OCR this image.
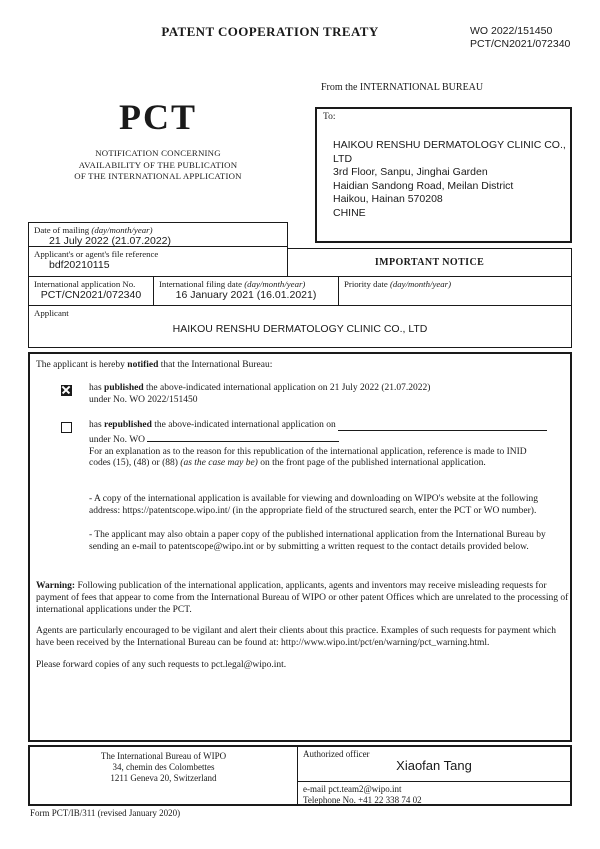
PATENT COOPERATION TREATY	WO 2022/151450
PCT/CN2021/072340
From the INTERNATIONAL BUREAU
PCT
NOTIFICATION CONCERNING
AVAILABILITY OF THE PUBLICATION
OF THE INTERNATIONAL APPLICATION
To:
HAIKOU RENSHU DERMATOLOGY CLINIC CO.,
LTD
3rd Floor, Sanpu, Jinghai Garden
Haidian Sandong Road, Meilan District
Haikou, Hainan 570208
CHINE
Date of mailing (day/month/year)
21 July 2022 (21.07.2022)
Applicant's or agent's file reference
bdf20210115	IMPORTANT NOTICE
International application No.
PCT/CN2021/072340
International filing date (day/month/year)
16 January 2021 (16.01.2021)
Priority date (day/month/year)
Applicant
HAIKOU RENSHU DERMATOLOGY CLINIC CO., LTD
The applicant is hereby notified that the International Bureau:
has published the above-indicated international application on 21 July 2022 (21.07.2022)
under No. WO 2022/151450
has republished the above-indicated international application on
under No. WO
For an explanation as to the reason for this republication of the international application, reference is made to INID codes (15), (48) or (88) (as the case may be) on the front page of the published international application.
- A copy of the international application is available for viewing and downloading on WIPO's website at the following address: https://patentscope.wipo.int/ (in the appropriate field of the structured search, enter the PCT or WO number).
- The applicant may also obtain a paper copy of the published international application from the International Bureau by sending an e-mail to patentscope@wipo.int or by submitting a written request to the contact details provided below.
Warning: Following publication of the international application, applicants, agents and inventors may receive misleading requests for payment of fees that appear to come from the International Bureau of WIPO or other patent Offices which are unrelated to the processing of international applications under the PCT.
Agents are particularly encouraged to be vigilant and alert their clients about this practice. Examples of such requests for payment which have been received by the International Bureau can be found at: http://www.wipo.int/pct/en/warning/pct_warning.html.
Please forward copies of any such requests to pct.legal@wipo.int.
The International Bureau of WIPO
34, chemin des Colombettes
1211 Geneva 20, Switzerland
Authorized officer
Xiaofan Tang
e-mail pct.team2@wipo.int
Telephone No. +41 22 338 74 02
Form PCT/IB/311 (revised January 2020)
